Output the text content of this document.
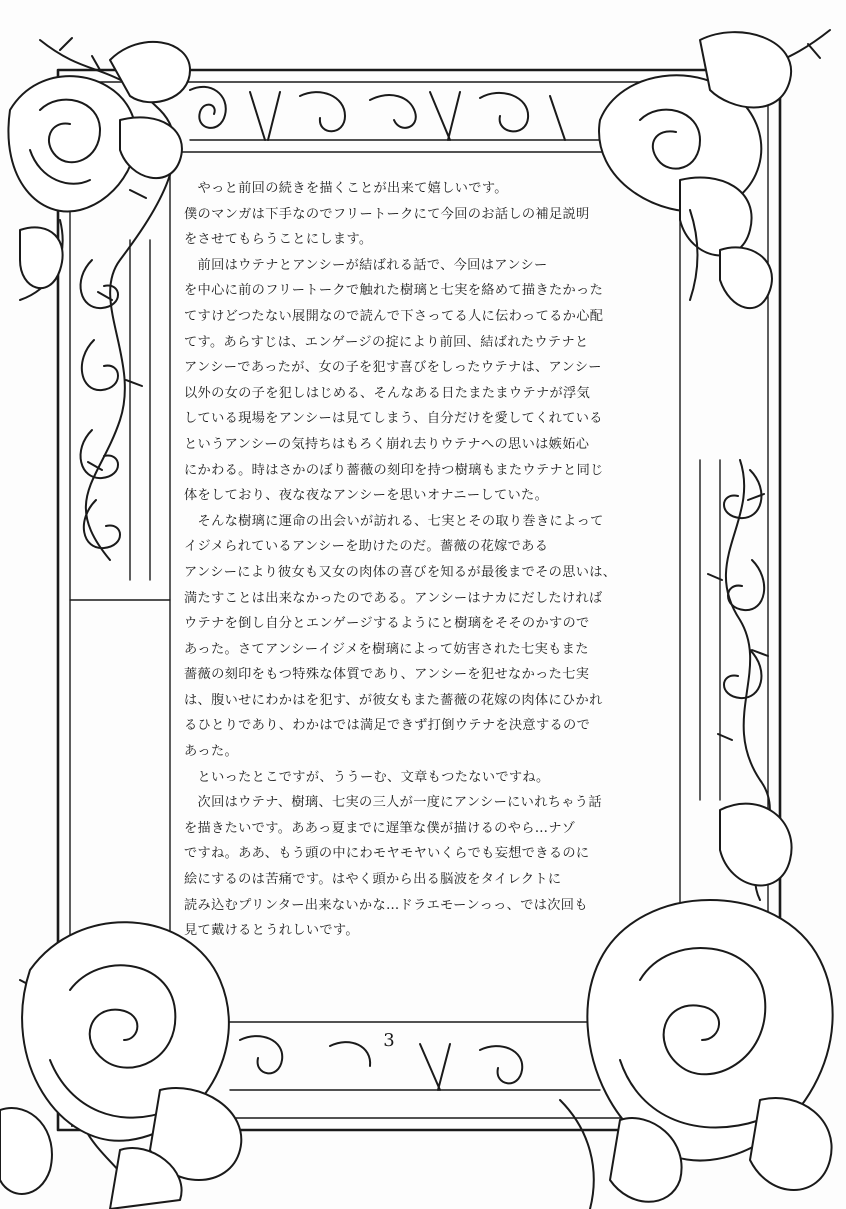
　やっと前回の続きを描くことが出来て嬉しいです。
僕のマンガは下手なのでフリートークにて今回のお話しの補足説明
をさせてもらうことにします。
　前回はウテナとアンシーが結ばれる話で、今回はアンシー
を中心に前のフリートークで触れた樹璃と七実を絡めて描きたかった
てすけどつたない展開なので読んで下さってる人に伝わってるか心配
てす。あらすじは、エンゲージの掟により前回、結ばれたウテナと
アンシーであったが、女の子を犯す喜びをしったウテナは、アンシー
以外の女の子を犯しはじめる、そんなある日たまたまウテナが浮気
している現場をアンシーは見てしまう、自分だけを愛してくれている
というアンシーの気持ちはもろく崩れ去りウテナへの思いは嫉妬心
にかわる。時はさかのぼり薔薇の刻印を持つ樹璃もまたウテナと同じ
体をしており、夜な夜なアンシーを思いオナニーしていた。
　そんな樹璃に運命の出会いが訪れる、七実とその取り巻きによって
イジメられているアンシーを助けたのだ。薔薇の花嫁である
アンシーにより彼女も又女の肉体の喜びを知るが最後までその思いは、
満たすことは出来なかったのである。アンシーはナカにだしたければ
ウテナを倒し自分とエンゲージするようにと樹璃をそそのかすので
あった。さてアンシーイジメを樹璃によって妨害された七実もまた
薔薇の刻印をもつ特殊な体質であり、アンシーを犯せなかった七実
は、腹いせにわかはを犯す、が彼女もまた薔薇の花嫁の肉体にひかれ
るひとりであり、わかはでは満足できず打倒ウテナを決意するので
あった。
　といったとこですが、ううーむ、文章もつたないですね。
　次回はウテナ、樹璃、七実の三人が一度にアンシーにいれちゃう話
を描きたいです。ああっ夏までに遅筆な僕が描けるのやら…ナゾ
ですね。ああ、もう頭の中にわモヤモヤいくらでも妄想できるのに
絵にするのは苦痛です。はやく頭から出る脳波をタイレクトに
読み込むプリンター出来ないかな…ドラエモーンっっ、では次回も
見て戴けるとうれしいです。
3
